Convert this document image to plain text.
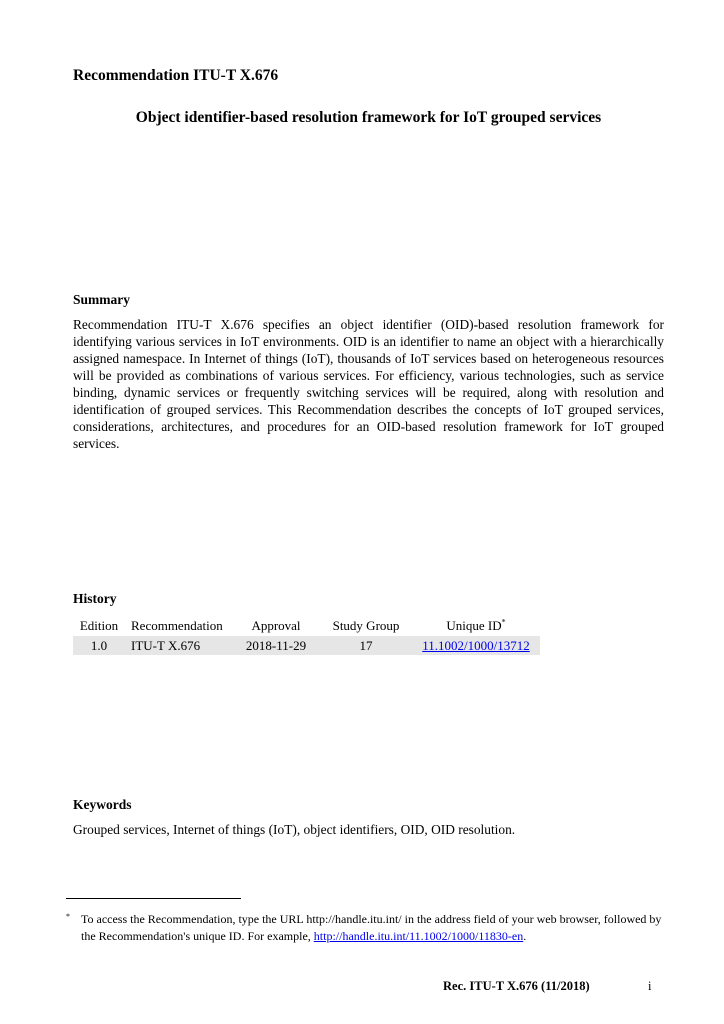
Recommendation ITU-T X.676
Object identifier-based resolution framework for IoT grouped services
Summary

Recommendation ITU-T X.676 specifies an object identifier (OID)-based resolution framework for identifying various services in IoT environments. OID is an identifier to name an object with a hierarchically assigned namespace. In Internet of things (IoT), thousands of IoT services based on heterogeneous resources will be provided as combinations of various services. For efficiency, various technologies, such as service binding, dynamic services or frequently switching services will be required, along with resolution and identification of grouped services. This Recommendation describes the concepts of IoT grouped services, considerations, architectures, and procedures for an OID-based resolution framework for IoT grouped services.

History
Edition	Recommendation	Approval	Study Group	Unique ID*
1.0	ITU-T X.676	2018-11-29	17	11.1002/1000/13712
Keywords

Grouped services, Internet of things (IoT), object identifiers, OID, OID resolution.

* To access the Recommendation, type the URL http://handle.itu.int/ in the address field of your web browser, followed by the Recommendation's unique ID. For example, http://handle.itu.int/11.1002/1000/11830-en.

Rec. ITU-T X.676 (11/2018)	i
